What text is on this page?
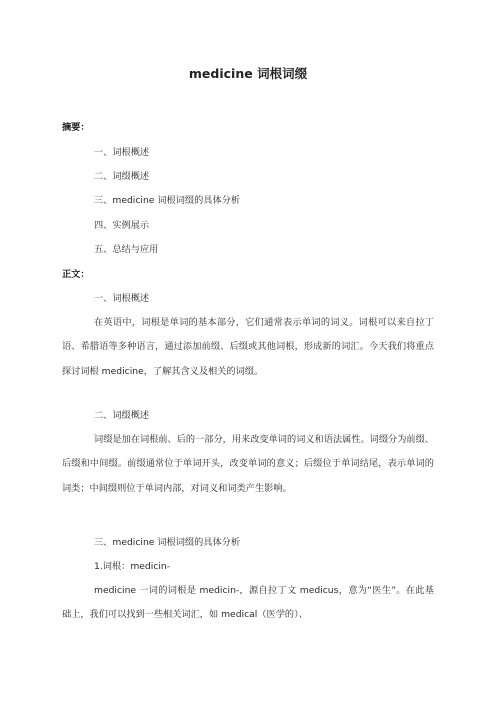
medicine 词根词缀
摘要：
一、词根概述
二、词缀概述
三、medicine 词根词缀的具体分析
四、实例展示
五、总结与应用
正文：
一、词根概述
在英语中，词根是单词的基本部分，它们通常表示单词的词义。词根可以来自拉丁语、希腊语等多种语言，通过添加前缀、后缀或其他词根，形成新的词汇。今天我们将重点探讨词根 medicine，了解其含义及相关的词缀。
二、词缀概述
词缀是加在词根前、后的一部分，用来改变单词的词义和语法属性。词缀分为前缀、后缀和中间缀。前缀通常位于单词开头，改变单词的意义；后缀位于单词结尾，表示单词的词类；中间缀则位于单词内部，对词义和词类产生影响。
三、medicine 词根词缀的具体分析
1.词根：medicin-
medicine 一词的词根是 medicin-，源自拉丁文 medicus，意为“医生”。在此基础上，我们可以找到一些相关词汇，如 medical（医学的）、
